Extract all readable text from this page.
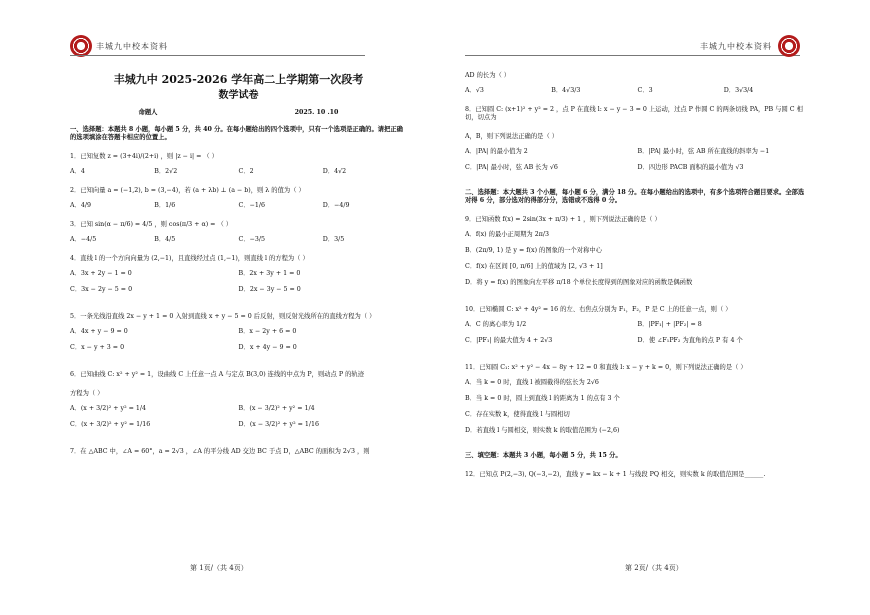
丰城九中校本资料
丰城九中 2025-2026 学年高二上学期第一次段考
数学试卷
命题人	2025. 10 .10
一、选择题：本题共 8 小题，每小题 5 分，共 40 分。在每小题给出的四个选项中，只有一个选项是正确的。请把正确的选项填涂在答题卡相应的位置上。
1．已知复数 z = (3+4i)/(2+i) ，则 |z − i| = （ ）
A．4	B．2√2	C．2	D．4√2
2．已知向量 a = (−1,2), b = (3,−4)，若 (a + λb) ⊥ (a − b)，则 λ 的值为（ ）
A．4/9	B．1/6	C．−1/6	D．−4/9
3．已知 sin(α − π/6) = 4/5 ，则 cos(π/3 + α) = （ ）
A．−4/5	B．4/5	C．−3/5	D．3/5
4．直线 l 的一个方向向量为 (2,−1)，且直线经过点 (1,−1)，则直线 l 的方程为（ ）
A．3x + 2y − 1 = 0	B．2x + 3y + 1 = 0
C．3x − 2y − 5 = 0	D．2x − 3y − 5 = 0
5．一条光线沿直线 2x − y + 1 = 0 入射到直线 x + y − 5 = 0 后反射，则反射光线所在的直线方程为（ ）
A．4x + y − 9 = 0	B．x − 2y + 6 = 0
C．x − y + 3 = 0	D．x + 4y − 9 = 0
6．已知曲线 C: x² + y² = 1，设曲线 C 上任意一点 A 与定点 B(3,0) 连线的中点为 P，则动点 P 的轨迹
方程为（ ）
A．(x + 3/2)² + y² = 1/4	B．(x − 3/2)² + y² = 1/4
C．(x + 3/2)² + y² = 1/16	D．(x − 3/2)² + y² = 1/16
7．在 △ABC 中，∠A = 60°，a = 2√3 ，∠A 的平分线 AD 交边 BC 于点 D，△ABC 的面积为 2√3 ，则
第 1页/（共 4页）
丰城九中校本资料
AD 的长为（ ）
A．√3	B．4√3/3	C．3	D．3√3/4
8．已知圆 C: (x+1)² + y² = 2 ，点 P 在直线 l: x − y − 3 = 0 上运动，过点 P 作圆 C 的两条切线 PA，PB 与圆 C 相切，切点为
A，B，则下列说法正确的是（ ）
A．|PA| 的最小值为 2	B．|PA| 最小时，弦 AB 所在直线的斜率为 −1
C．|PA| 最小时，弦 AB 长为 √6	D．四边形 PACB 面积的最小值为 √3
二、选择题：本大题共 3 个小题，每小题 6 分，满分 18 分。在每小题给出的选项中，有多个选项符合题目要求。全部选对得 6 分，部分选对的得部分分，选错或不选得 0 分。
9．已知函数 f(x) = 2sin(3x + π/3) + 1 ，则下列说法正确的是（ ）
A．f(x) 的最小正周期为 2π/3
B．(2π/9, 1) 是 y = f(x) 的图象的一个对称中心
C．f(x) 在区间 [0, π/6] 上的值域为 [2, √3 + 1]
D．将 y = f(x) 的图象向左平移 π/18 个单位长度得到的图象对应的函数是偶函数
10．已知椭圆 C: x² + 4y² = 16 的左、右焦点分别为 F₁，F₂，P 是 C 上的任意一点，则（ ）
A．C 的离心率为 1/2	B．|PF₁| + |PF₂| = 8
C．|PF₁| 的最大值为 4 + 2√3	D．使 ∠F₁PF₂ 为直角的点 P 有 4 个
11．已知圆 C₁: x² + y² − 4x − 8y + 12 = 0 和直线 l: x − y + k = 0，则下列说法正确的是（ ）
A．当 k = 0 时，直线 l 被圆截得的弦长为 2√6
B．当 k = 0 时，圆上到直线 l 的距离为 1 的点有 3 个
C．存在实数 k，使得直线 l 与圆相切
D．若直线 l 与圆相交，则实数 k 的取值范围为 (−2,6)
三、填空题：本题共 3 小题，每小题 5 分，共 15 分。
12．已知点 P(2,−3), Q(−3,−2)，直线 y = kx − k + 1 与线段 PQ 相交，则实数 k 的取值范围是______.
第 2页/（共 4页）
